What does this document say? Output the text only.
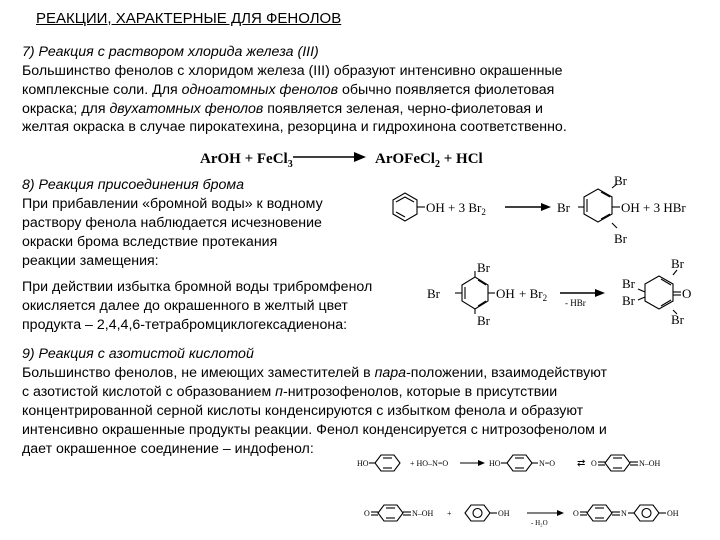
РЕАКЦИИ, ХАРАКТЕРНЫЕ ДЛЯ ФЕНОЛОВ
7) Реакция с раствором хлорида железа (III)
Большинство фенолов с хлоридом железа (III) образуют интенсивно окрашенные
комплексные соли. Для одноатомных фенолов обычно появляется фиолетовая
окраска; для двухатомных фенолов появляется зеленая, черно-фиолетовая и
желтая окраска в случае пирокатехина, резорцина и гидрохинона соответственно.
ArOH + FeCl$_3$	ArOFeCl$_2$ + HCl
8) Реакция присоединения брома
При прибавлении «бромной воды» к водному
раствору фенола наблюдается исчезновение
окраски брома вследствие протекания
реакции замещения:
При действии избытка бромной воды трибромфенол
окисляется далее до окрашенного в желтый цвет
продукта – 2,4,4,6-тетрабромциклогексадиенона:
OH + 3 $Br_2$
Br
Br
Br	OH + 3 HBr
Br
Br
Br	OH + $Br_2$ - HBr
Br
Br
Br
Br	O
9) Реакция с азотистой кислотой
Большинство фенолов, не имеющих заместителей в пара-положении, взаимодействуют
с азотистой кислотой с образованием п-нитрозофенолов, которые в присутствии
концентрированной серной кислоты конденсируются с избытком фенола и образуют
интенсивно окрашенные продукты реакции. Фенол конденсируется с нитрозофенолом и
дает окрашенное соединение – индофенол:
HO	+ HO–N=O	HO	N=O ⇄ O	N–OH
O	N–OH +	OH
- H₂O
O	N	OH
